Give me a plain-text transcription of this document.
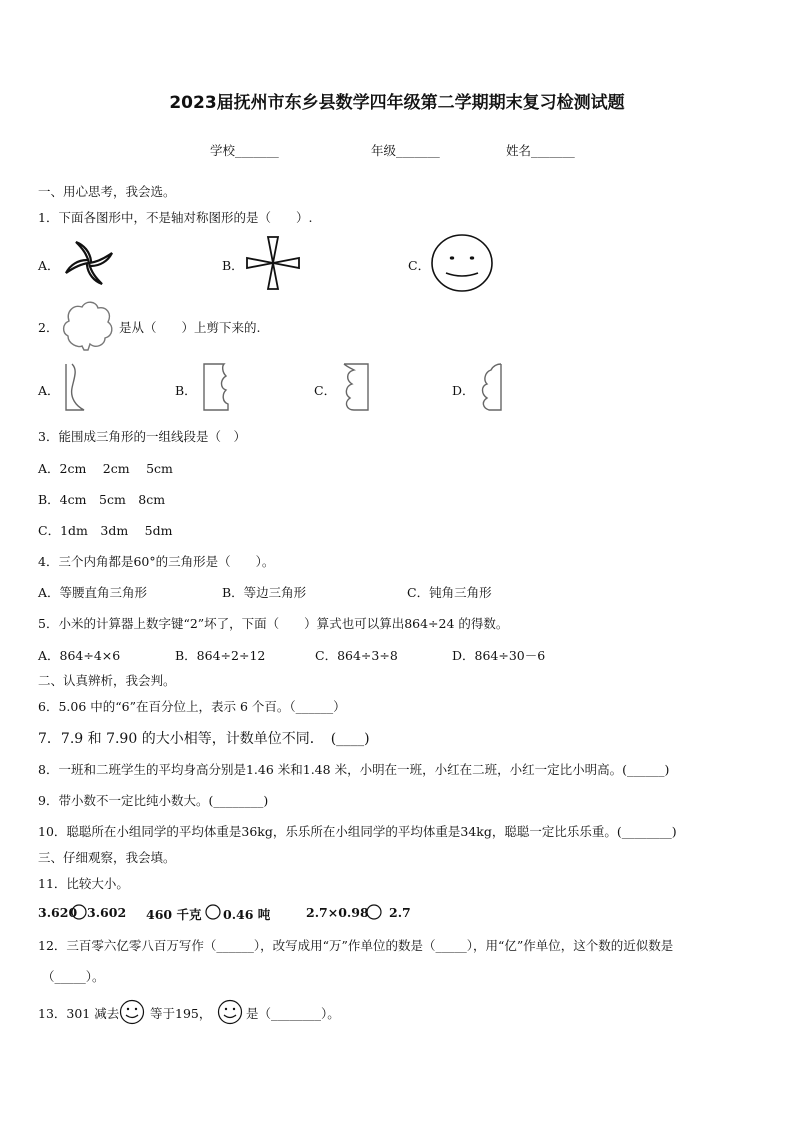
2023届抚州市东乡县数学四年级第二学期期末复习检测试题
学校_______	年级_______	姓名_______
一、用心思考，我会选。
1．下面各图形中，不是轴对称图形的是（　　）.
A．	B．	C．
2．	是从（　　）上剪下来的.
A．	B．	C．	D．
3．能围成三角形的一组线段是（　）
A．2cm　 2cm　 5cm
B．4cm　5cm　8cm
C．1dm　3dm　 5dm
4．三个内角都是60°的三角形是（　　）。
A．等腰直角三角形	B．等边三角形	C．钝角三角形
5．小米的计算器上数字键“2”坏了，下面（　　）算式也可以算出864÷24 的得数。
A．864÷4×6	B．864÷2÷12	C．864÷3÷8	D．864÷30－6
二、认真辨析，我会判。
6．5.06 中的“6”在百分位上，表示 6 个百。（______）
7．7.9 和 7.90 的大小相等，计数单位不同．　(____)
8．一班和二班学生的平均身高分别是1.46 米和1.48 米，小明在一班，小红在二班，小红一定比小明高。(______)
9．带小数不一定比纯小数大。(________)
10．聪聪所在小组同学的平均体重是36kg，乐乐所在小组同学的平均体重是34kg，聪聪一定比乐乐重。(________)
三、仔细观察，我会填。
11．比较大小。
3.620 3.602 460 千克 0.46 吨	2.7×0.98 2.7
12．三百零六亿零八百万写作（______），改写成用“万”作单位的数是（_____），用“亿”作单位，这个数的近似数是
（_____）。
13．301 减去 等于195，	是（________）。
